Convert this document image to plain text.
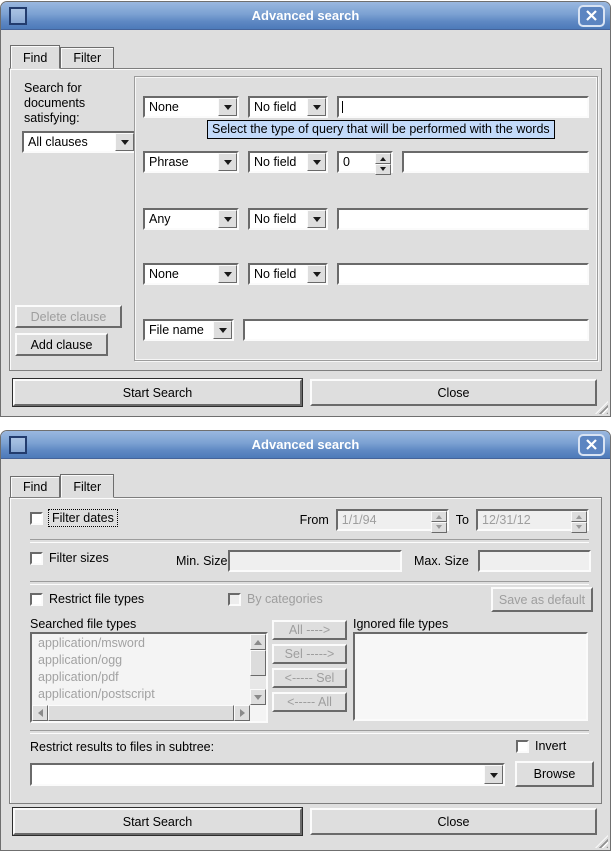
Advanced search
Find	Filter
Search for
documents
satisfying:
All clauses
Delete clause
Add clause
None	No field
Select the type of query that will be performed with the words
Phrase	No field	0
Any	No field
None	No field
File name
Start Search	Close
Advanced search
Find	Filter
Filter dates	From	1/1/94	To	12/31/12
Filter sizes	Min. Size	Max. Size
Restrict file types	By categories	Save as default
Searched file types
application/msword
application/ogg
application/pdf
application/postscript
All ---->
Sel ----->
<----- Sel
<----- All
Ignored file types
Restrict results to files in subtree:	Invert
Browse
Start Search	Close
